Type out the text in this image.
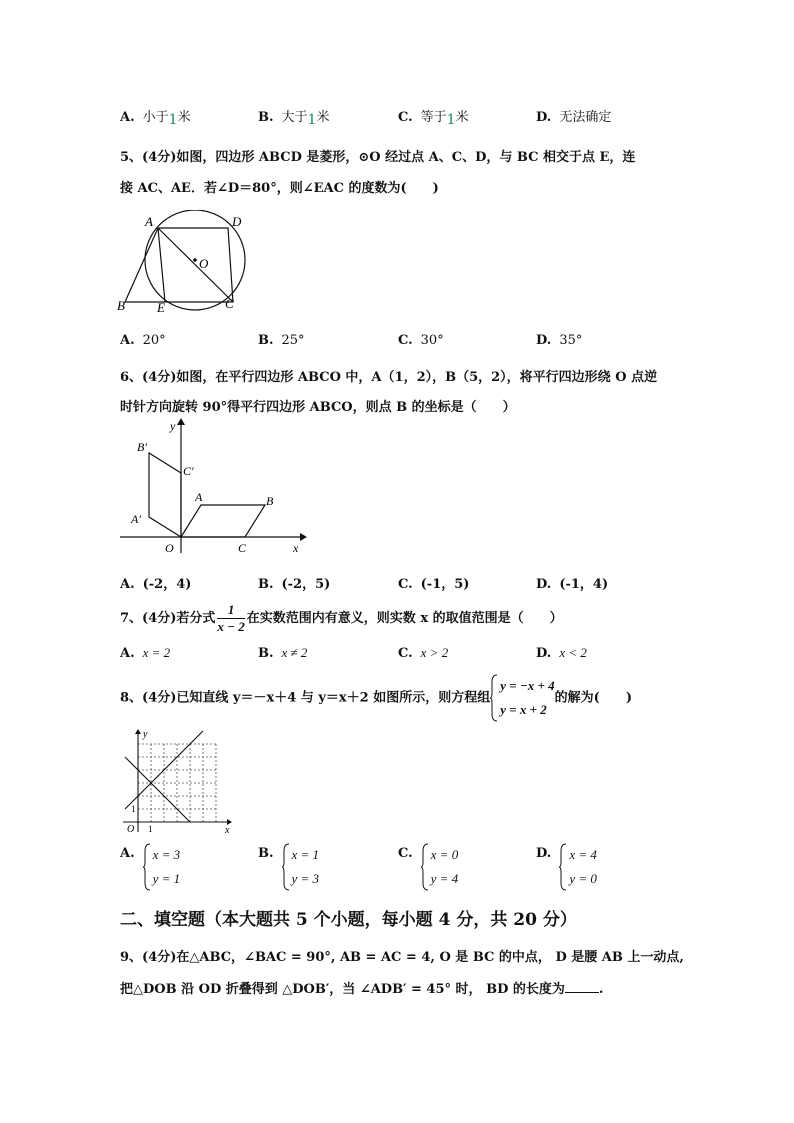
A. 小于1米	B. 大于1米	C. 等于1米	D. 无法确定
5、(4分)如图，四边形 ABCD 是菱形，⊙O 经过点 A、C、D，与 BC 相交于点 E，连
接 AC、AE．若∠D＝80°，则∠EAC 的度数为(　　)
A	D
O
B E	C
A. 20°	B. 25°	C. 30°	D. 35°
6、(4分)如图，在平行四边形 ABCO 中，A（1，2），B（5，2），将平行四边形绕 O 点逆
时针方向旋转 90°得平行四边形 ABCO，则点 B 的坐标是（　　）
y
x
O
A	B
C
A′
B′
C′
A. (-2，4)	B. (-2，5)	C. (-1，5)	D. (-1，4)
7、(4分)若分式 $\frac{1}{x - 2}$ 在实数范围内有意义，则实数 x 的取值范围是（　　）
A. x = 2	B. x ≠ 2	C. x > 2	D. x < 2
8、(4分)已知直线 y＝－x＋4 与 y＝x＋2 如图所示，则方程组
y = −x + 4
y = x + 2
的解为(　　)
y
x
O 1
1
A. x = 3
y = 1
B. x = 1
y = 3
C. x = 0
y = 4
D. x = 4
y = 0
二、填空题（本大题共 5 个小题，每小题 4 分，共 20 分）
9、(4分)在△ABC，∠BAC = 90°, AB = AC = 4, O 是 BC 的中点， D 是腰 AB 上一动点,
把△DOB 沿 OD 折叠得到 △DOB′，当 ∠ADB′ = 45° 时， BD 的长度为	.
